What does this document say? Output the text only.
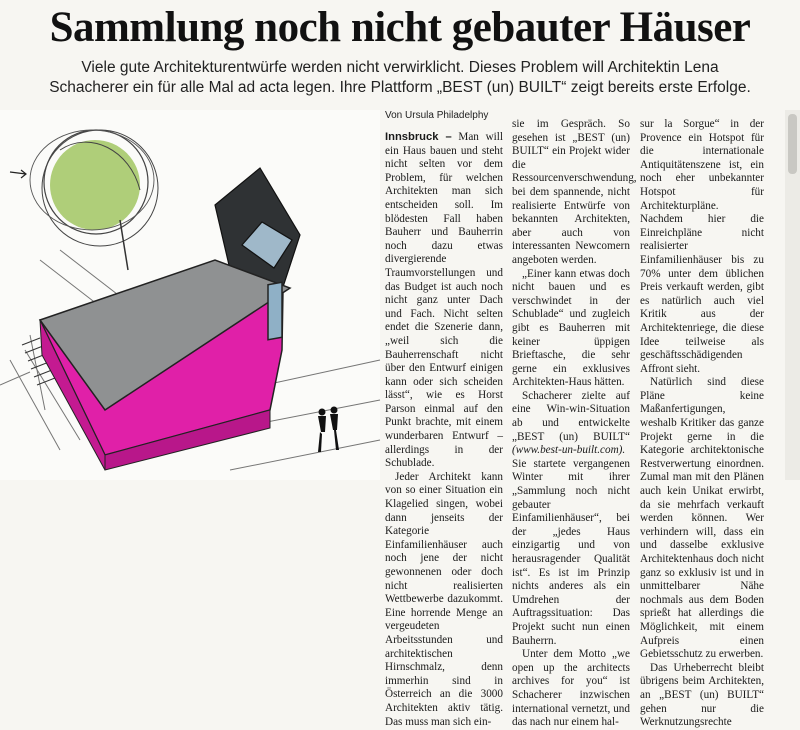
Sammlung noch nicht gebauter Häuser
Viele gute Architekturentwürfe werden nicht verwirklicht. Dieses Problem will Architektin Lena Schacherer ein für alle Mal ad acta legen. Ihre Plattform „BEST (un) BUILT“ zeigt bereits erste Erfolge.
Von Ursula Philadelphy

Innsbruck – Man will ein Haus bauen und steht nicht selten vor dem Problem, für welchen Architekten man sich entscheiden soll. Im blödesten Fall haben Bauherr und Bauherrin noch dazu etwas divergierende Traumvorstellungen und das Budget ist auch noch nicht ganz unter Dach und Fach. Nicht selten endet die Szenerie dann, „weil sich die Bauherrenschaft nicht über den Entwurf einigen kann oder sich scheiden lässt“, wie es Horst Parson einmal auf den Punkt brachte, mit einem wunderbaren Entwurf – allerdings in der Schublade.

Jeder Architekt kann von so einer Situation ein Klagelied singen, wobei dann jenseits der Kategorie Einfamilienhäuser auch noch jene der nicht gewonnenen oder doch nicht realisierten Wettbewerbe dazukommt. Eine horrende Menge an vergeudeten Arbeitsstunden und architektischen Hirnschmalz, denn immerhin sind in Österreich an die 3000 Architekten aktiv tätig. Das muss man sich ein-

sie im Gespräch. So gesehen ist „BEST (un) BUILT“ ein Projekt wider die Ressourcenverschwendung, bei dem spannende, nicht realisierte Entwürfe von bekannten Architekten, aber auch von interessanten Newcomern angeboten werden.

„Einer kann etwas doch nicht bauen und es verschwindet in der Schublade“ und zugleich gibt es Bauherren mit keiner üppigen Brieftasche, die sehr gerne ein exklusives Architekten-Haus hätten.

Schacherer zielte auf eine Win-win-Situation ab und entwickelte „BEST (un) BUILT“ (www.best-un-built.com). Sie startete vergangenen Winter mit ihrer „Sammlung noch nicht gebauter Einfamilienhäuser“, bei der „jedes Haus einzigartig und von herausragender Qualität ist“. Es ist im Prinzip nichts anderes als ein Umdrehen der Auftragssituation: Das Projekt sucht nun einen Bauherrn.

Unter dem Motto „we open up the architects archives for you“ ist Schacherer inzwischen international vernetzt, und das nach nur einem hal-

sur la Sorgue“ in der Provence ein Hotspot für die internationale Antiquitätenszene ist, ein noch eher unbekannter Hotspot für Architekturpläne. Nachdem hier die Einreichpläne nicht realisierter Einfamilienhäuser bis zu 70% unter dem üblichen Preis verkauft werden, gibt es natürlich auch viel Kritik aus der Architektenriege, die diese Idee teilweise als geschäftsschädigenden Affront sieht.

Natürlich sind diese Pläne keine Maßanfertigungen, weshalb Kritiker das ganze Projekt gerne in die Kategorie architektonische Restverwertung einordnen. Zumal man mit den Plänen auch kein Unikat erwirbt, da sie mehrfach verkauft werden können. Wer verhindern will, dass ein und dasselbe exklusive Architektenhaus doch nicht ganz so exklusiv ist und in unmittelbarer Nähe nochmals aus dem Boden sprießt hat allerdings die Möglichkeit, mit einem Aufpreis einen Gebietsschutz zu erwerben.

Das Urheberrecht bleibt übrigens beim Architekten, an „BEST (un) BUILT“ gehen nur die Werknutzungsrechte
